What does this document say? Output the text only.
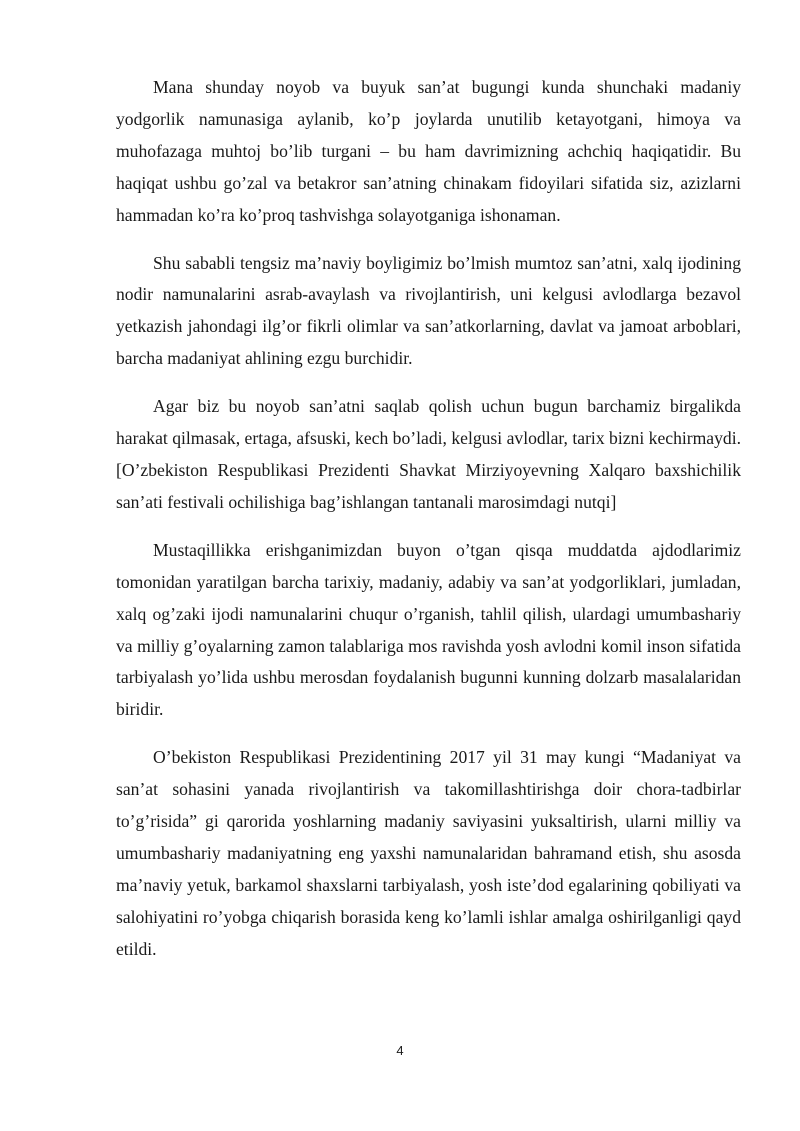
Mana shunday noyob va buyuk san’at bugungi kunda shunchaki madaniy yodgorlik namunasiga aylanib, ko’p joylarda unutilib ketayotgani, himoya va muhofazaga muhtoj bo’lib turgani – bu ham davrimizning achchiq haqiqatidir. Bu haqiqat ushbu go’zal va betakror san’atning chinakam fidoyilari sifatida siz, azizlarni hammadan ko’ra ko’proq tashvishga solayotganiga ishonaman.

Shu sababli tengsiz ma’naviy boyligimiz bo’lmish mumtoz san’atni, xalq ijodining nodir namunalarini asrab-avaylash va rivojlantirish, uni kelgusi avlodlarga bezavol yetkazish jahondagi ilg’or fikrli olimlar va san’atkorlarning, davlat va jamoat arboblari, barcha madaniyat ahlining ezgu burchidir.

Agar biz bu noyob san’atni saqlab qolish uchun bugun barchamiz birgalikda harakat qilmasak, ertaga, afsuski, kech bo’ladi, kelgusi avlodlar, tarix bizni kechirmaydi. [O’zbekiston Respublikasi Prezidenti Shavkat Mirziyoyevning Xalqaro baxshichilik san’ati festivali ochilishiga bag’ishlangan tantanali marosimdagi nutqi]

Mustaqillikka erishganimizdan buyon o’tgan qisqa muddatda ajdodlarimiz tomonidan yaratilgan barcha tarixiy, madaniy, adabiy va san’at yodgorliklari, jumladan, xalq og’zaki ijodi namunalarini chuqur o’rganish, tahlil qilish, ulardagi umumbashariy va milliy g’oyalarning zamon talablariga mos ravishda yosh avlodni komil inson sifatida tarbiyalash yo’lida ushbu merosdan foydalanish bugunni kunning dolzarb masalalaridan biridir.

O’bekiston Respublikasi Prezidentining 2017 yil 31 may kungi “Madaniyat va san’at sohasini yanada rivojlantirish va takomillashtirishga doir chora-tadbirlar to’g’risida” gi qarorida yoshlarning madaniy saviyasini yuksaltirish, ularni milliy va umumbashariy madaniyatning eng yaxshi namunalaridan bahramand etish, shu asosda ma’naviy yetuk, barkamol shaxslarni tarbiyalash, yosh iste’dod egalarining qobiliyati va salohiyatini ro’yobga chiqarish borasida keng ko’lamli ishlar amalga oshirilganligi qayd etildi.

4
